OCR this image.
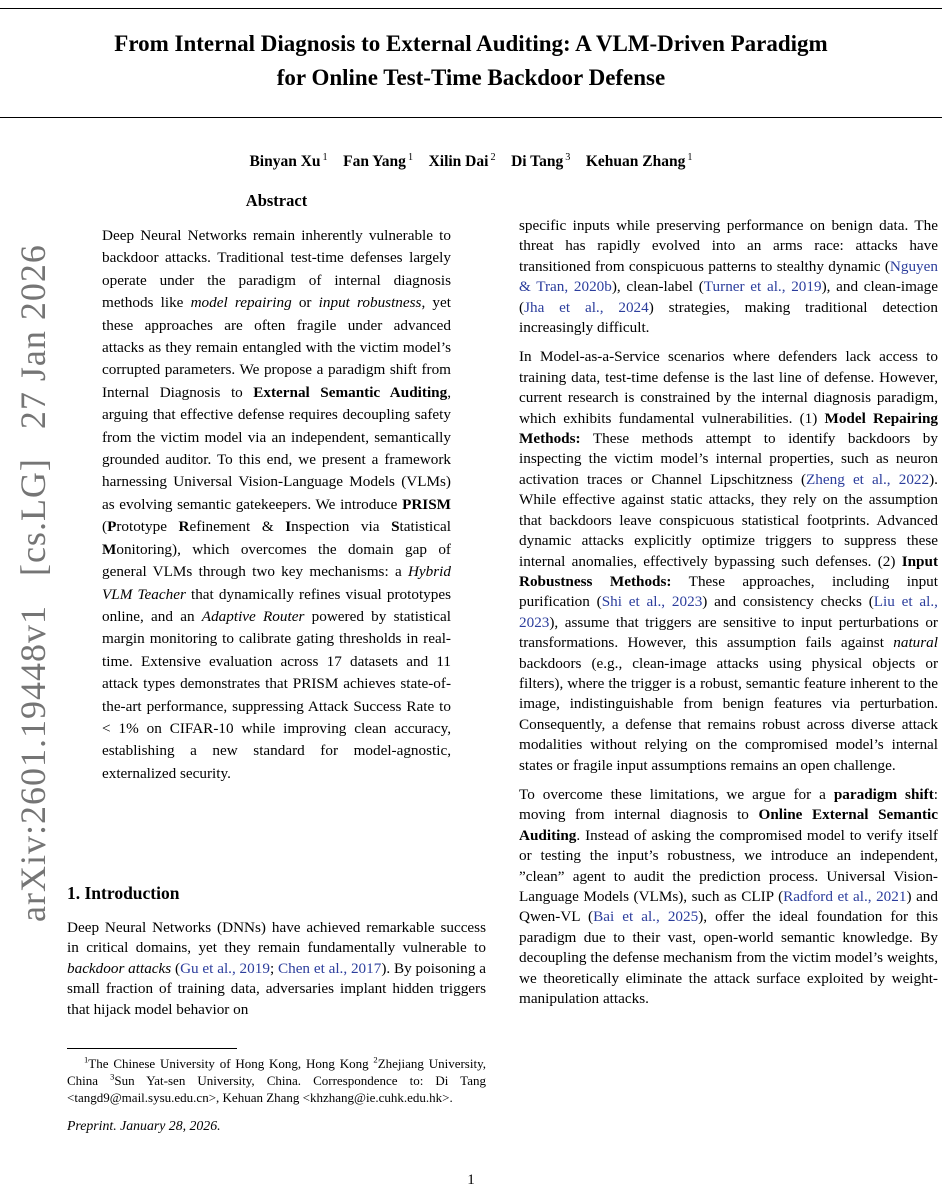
arXiv:2601.19448v1  [cs.LG]  27 Jan 2026
From Internal Diagnosis to External Auditing: A VLM-Driven Paradigm
for Online Test-Time Backdoor Defense
Binyan Xu $^1$  Fan Yang $^1$  Xilin Dai $^2$  Di Tang $^3$  Kehuan Zhang $^1$
Abstract

Deep Neural Networks remain inherently vulnerable to backdoor attacks. Traditional test-time defenses largely operate under the paradigm of internal diagnosis methods like model repairing or input robustness, yet these approaches are often fragile under advanced attacks as they remain entangled with the victim model’s corrupted parameters. We propose a paradigm shift from Internal Diagnosis to External Semantic Auditing, arguing that effective defense requires decoupling safety from the victim model via an independent, semantically grounded auditor. To this end, we present a framework harnessing Universal Vision-Language Models (VLMs) as evolving semantic gatekeepers. We introduce PRISM (Prototype Refinement & Inspection via Statistical Monitoring), which overcomes the domain gap of general VLMs through two key mechanisms: a Hybrid VLM Teacher that dynamically refines visual prototypes online, and an Adaptive Router powered by statistical margin monitoring to calibrate gating thresholds in real-time. Extensive evaluation across 17 datasets and 11 attack types demonstrates that PRISM achieves state-of-the-art performance, suppressing Attack Success Rate to < 1% on CIFAR-10 while improving clean accuracy, establishing a new standard for model-agnostic, externalized security.

1. Introduction

Deep Neural Networks (DNNs) have achieved remarkable success in critical domains, yet they remain fundamentally vulnerable to backdoor attacks (Gu et al., 2019; Chen et al., 2017). By poisoning a small fraction of training data, adversaries implant hidden triggers that hijack model behavior on

specific inputs while preserving performance on benign data. The threat has rapidly evolved into an arms race: attacks have transitioned from conspicuous patterns to stealthy dynamic (Nguyen & Tran, 2020b), clean-label (Turner et al., 2019), and clean-image (Jha et al., 2024) strategies, making traditional detection increasingly difficult.

In Model-as-a-Service scenarios where defenders lack access to training data, test-time defense is the last line of defense. However, current research is constrained by the internal diagnosis paradigm, which exhibits fundamental vulnerabilities. (1) Model Repairing Methods: These methods attempt to identify backdoors by inspecting the victim model’s internal properties, such as neuron activation traces or Channel Lipschitzness (Zheng et al., 2022). While effective against static attacks, they rely on the assumption that backdoors leave conspicuous statistical footprints. Advanced dynamic attacks explicitly optimize triggers to suppress these internal anomalies, effectively bypassing such defenses. (2) Input Robustness Methods: These approaches, including input purification (Shi et al., 2023) and consistency checks (Liu et al., 2023), assume that triggers are sensitive to input perturbations or transformations. However, this assumption fails against natural backdoors (e.g., clean-image attacks using physical objects or filters), where the trigger is a robust, semantic feature inherent to the image, indistinguishable from benign features via perturbation. Consequently, a defense that remains robust across diverse attack modalities without relying on the compromised model’s internal states or fragile input assumptions remains an open challenge.

To overcome these limitations, we argue for a paradigm shift: moving from internal diagnosis to Online External Semantic Auditing. Instead of asking the compromised model to verify itself or testing the input’s robustness, we introduce an independent, ”clean” agent to audit the prediction process. Universal Vision-Language Models (VLMs), such as CLIP (Radford et al., 2021) and Qwen-VL (Bai et al., 2025), offer the ideal foundation for this paradigm due to their vast, open-world semantic knowledge. By decoupling the defense mechanism from the victim model’s weights, we theoretically eliminate the attack surface exploited by weight-manipulation attacks.

$^1$The Chinese University of Hong Kong, Hong Kong $^2$Zhejiang University, China $^3$Sun Yat-sen University, China. Correspondence to: Di Tang <tangd9@mail.sysu.edu.cn>, Kehuan Zhang <khzhang@ie.cuhk.edu.hk>.

Preprint. January 28, 2026.

1
